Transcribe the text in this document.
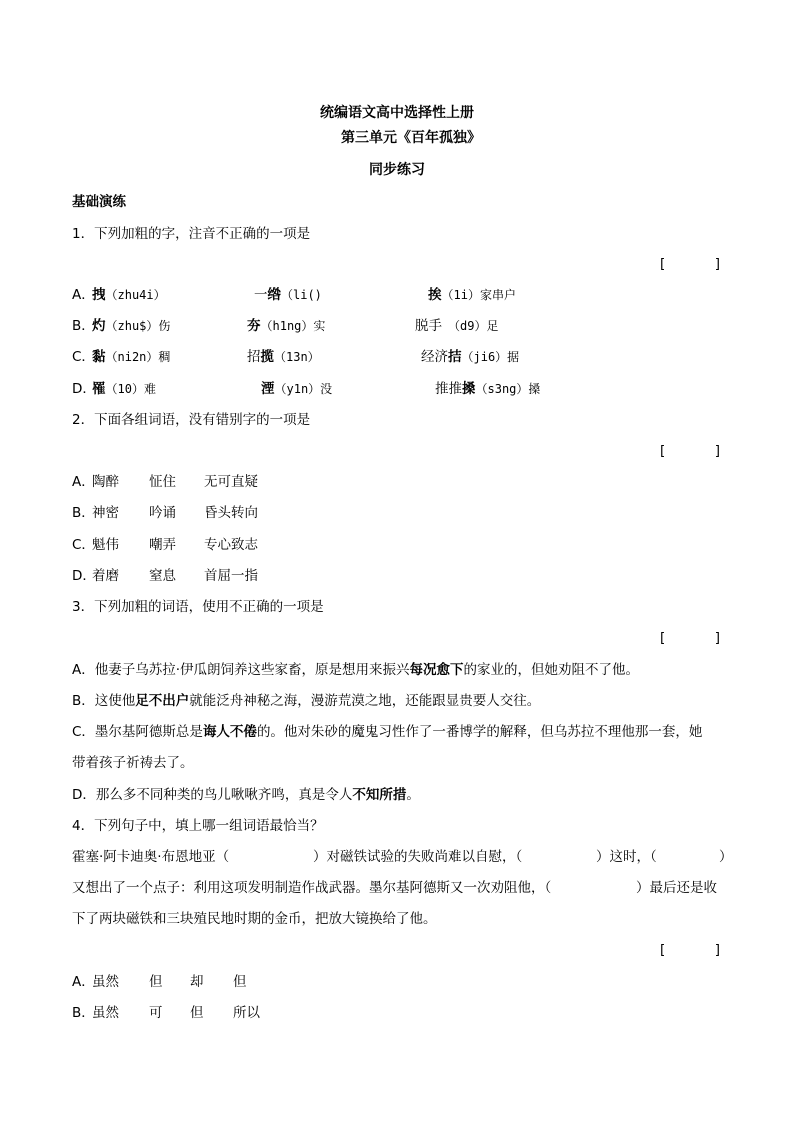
统编语文高中选择性上册
第三单元《百年孤独》
同步练习
基础演练
1．下列加粗的字，注音不正确的一项是
[	]
A．
拽（zhu4i）	一绺（li()	挨（1i）家串户
B．
灼（zhu$）伤	夯（h1ng）实	脱手　（d9）足
C．
黏（ni2n）稠	招揽（13n）	经济拮（ji6）据
D．
罹（10）难	湮（y1n）没	推推搡（s3ng）搡
2．下面各组词语，没有错别字的一项是
[	]
A．
陶醉 怔住 无可直疑
B．
神密 吟诵 昏头转向
C．
魁伟 嘲弄 专心致志
D．
着磨 窒息 首屈一指
3．下列加粗的词语，使用不正确的一项是
[	]
A．他妻子乌苏拉·伊瓜朗饲养这些家畜，原是想用来振兴每况愈下的家业的，但她劝阻不了他。
B．这使他足不出户就能泛舟神秘之海，漫游荒漠之地，还能跟显贵要人交往。
C．墨尔基阿德斯总是诲人不倦的。他对朱砂的魔鬼习性作了一番博学的解释，但乌苏拉不理他那一套，她
带着孩子祈祷去了。
D．那么多不同种类的鸟儿啾啾齐鸣，真是令人不知所措。
4．下列句子中，填上哪一组词语最恰当？
霍塞·阿卡迪奥·布恩地亚（	）对磁铁试验的失败尚难以自慰，（	）这时，（	）
又想出了一个点子：利用这项发明制造作战武器。墨尔基阿德斯又一次劝阻他，（	）最后还是收
下了两块磁铁和三块殖民地时期的金币，把放大镜换给了他。
[	]
A．
虽然 但 却 但
B．
虽然 可 但 所以
